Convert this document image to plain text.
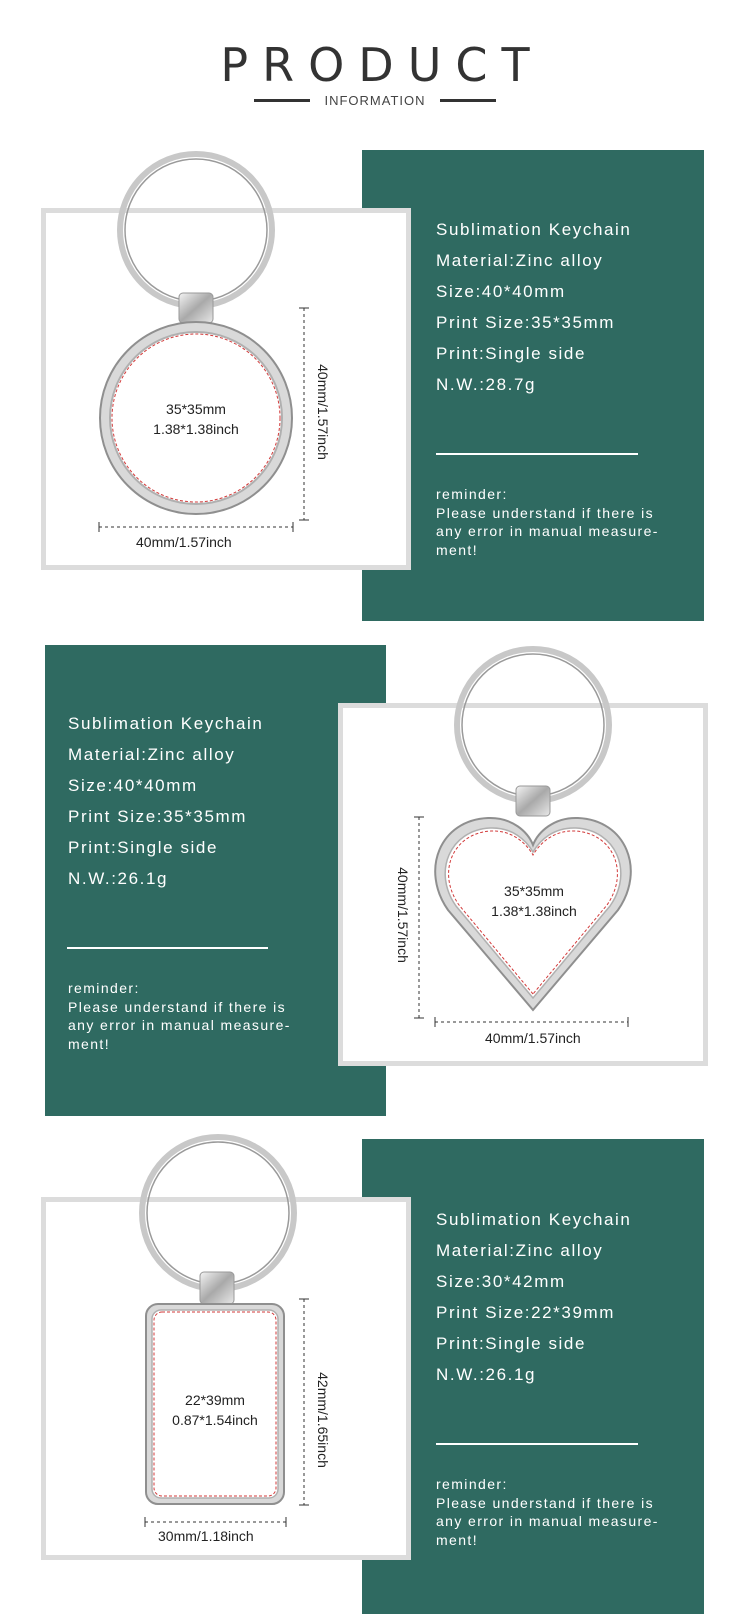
PRODUCT
INFORMATION
Sublimation Keychain
Material:Zinc alloy
Size:40*40mm
Print Size:35*35mm
Print:Single side
N.W.:28.7g
reminder:
Please understand if there is
any error in manual measure-
ment!
35*35mm
1.38*1.38inch
40mm/1.57inch
40mm/1.57inch
Sublimation Keychain
Material:Zinc alloy
Size:40*40mm
Print Size:35*35mm
Print:Single side
N.W.:26.1g
reminder:
Please understand if there is
any error in manual measure-
ment!
35*35mm
1.38*1.38inch
40mm/1.57inch
40mm/1.57inch
Sublimation Keychain
Material:Zinc alloy
Size:30*42mm
Print Size:22*39mm
Print:Single side
N.W.:26.1g
reminder:
Please understand if there is
any error in manual measure-
ment!
22*39mm
0.87*1.54inch
30mm/1.18inch
42mm/1.65inch
